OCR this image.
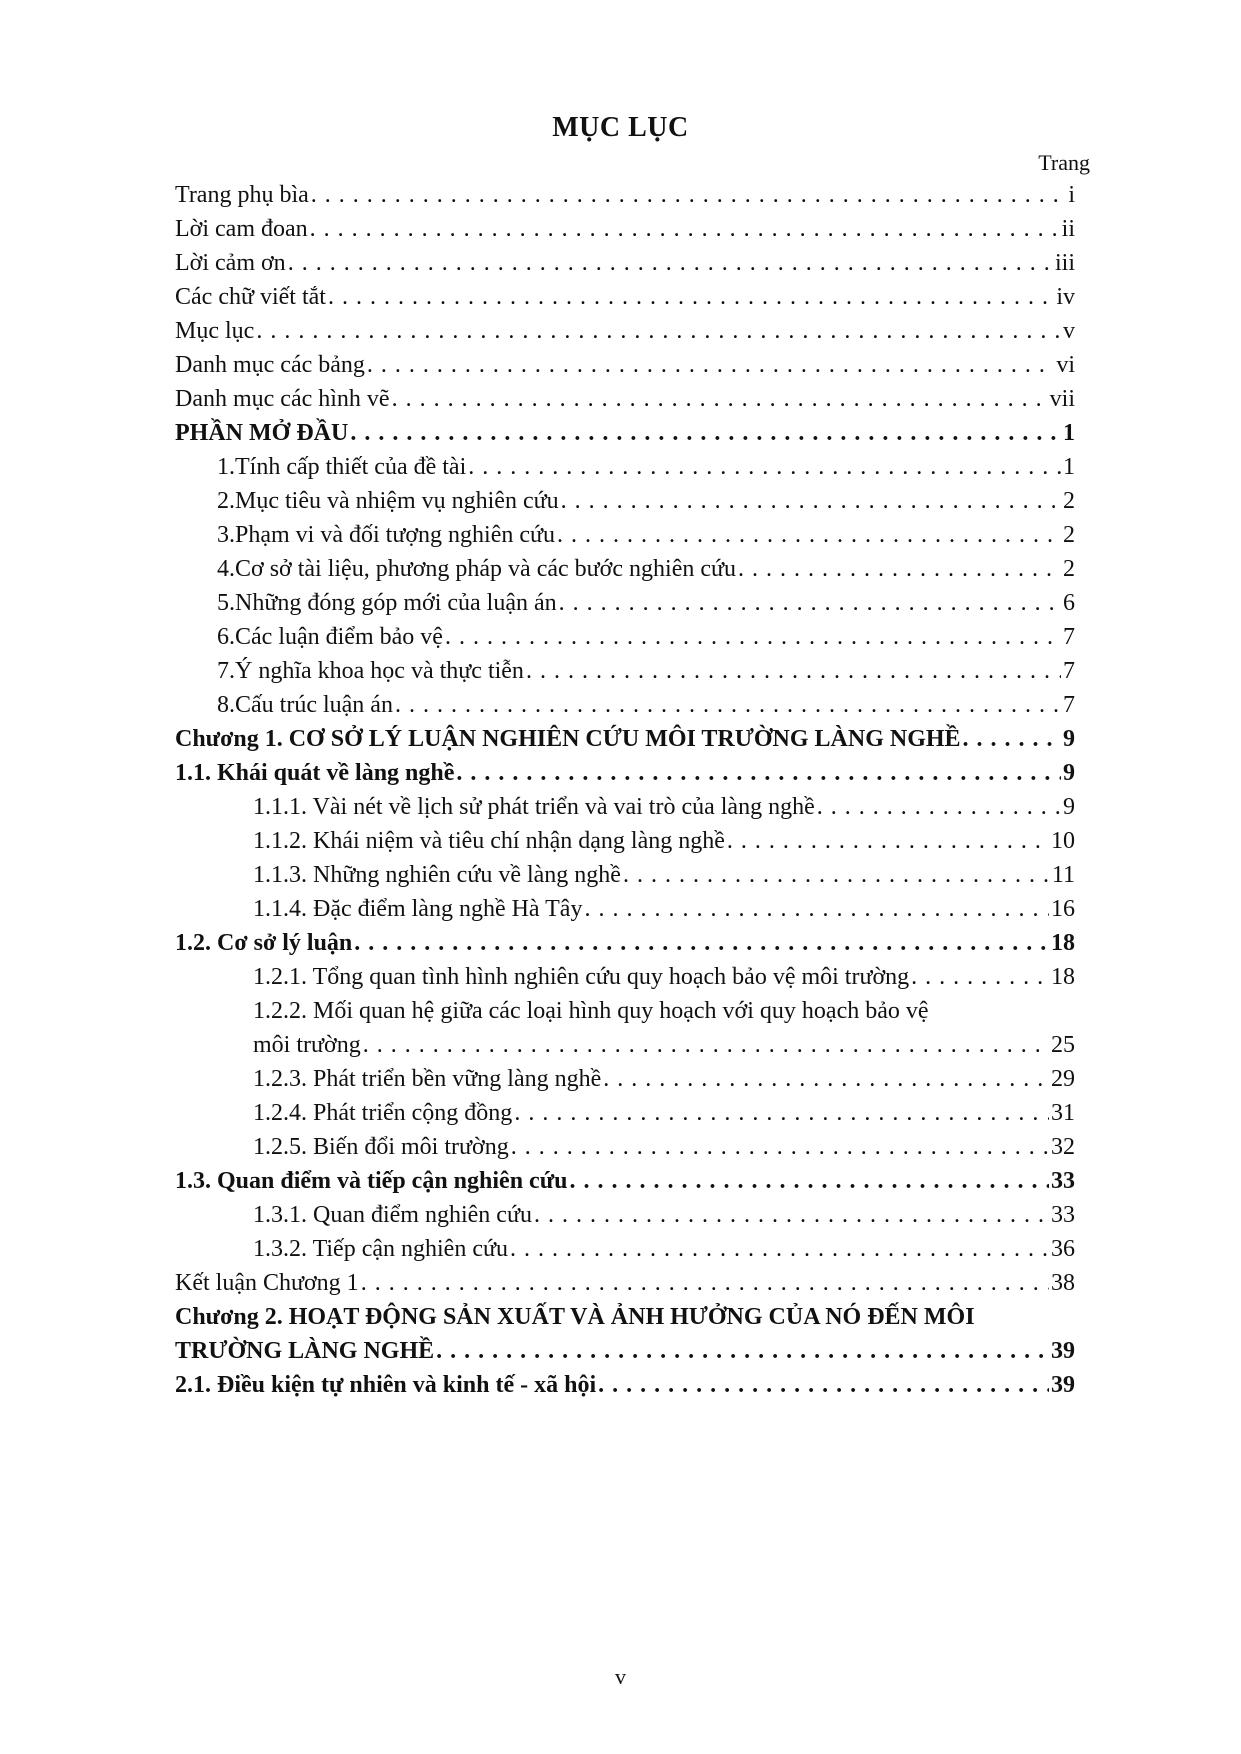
MỤC LỤC
Trang
Trang phụ bìa . . .	i
Lời cam đoan . . .	ii
Lời cảm ơn . . .	iii
Các chữ viết tắt . . .	iv
Mục lục . . .	v
Danh mục các bảng . . .	vi
Danh mục các hình vẽ . . .	vii
PHẦN MỞ ĐẦU . . .	1
1. Tính cấp thiết của đề tài . . .	1
2. Mục tiêu và nhiệm vụ nghiên cứu . . .	2
3. Phạm vi và đối tượng nghiên cứu . . .	2
4. Cơ sở tài liệu, phương pháp và các bước nghiên cứu . . .	2
5. Những đóng góp mới của luận án . . .	6
6. Các luận điểm bảo vệ . . .	7
7. Ý nghĩa khoa học và thực tiễn . . .	7
8. Cấu trúc luận án . . .	7
Chương 1. CƠ SỞ LÝ LUẬN NGHIÊN CỨU MÔI TRƯỜNG LÀNG NGHỀ . . .	9
1.1. Khái quát về làng nghề . . .	9
1.1.1. Vài nét về lịch sử phát triển và vai trò của làng nghề . . .	9
1.1.2. Khái niệm và tiêu chí nhận dạng làng nghề . . .	10
1.1.3. Những nghiên cứu về làng nghề . . .	11
1.1.4. Đặc điểm làng nghề Hà Tây . . .	16
1.2. Cơ sở lý luận . . .	18
1.2.1. Tổng quan tình hình nghiên cứu quy hoạch bảo vệ môi trường . . .	18
1.2.2. Mối quan hệ giữa các loại hình quy hoạch với quy hoạch bảo vệ
môi trường . . .	25
1.2.3. Phát triển bền vững làng nghề . . .	29
1.2.4. Phát triển cộng đồng . . .	31
1.2.5. Biến đổi môi trường . . .	32
1.3. Quan điểm và tiếp cận nghiên cứu . . .	33
1.3.1. Quan điểm nghiên cứu . . .	33
1.3.2. Tiếp cận nghiên cứu . . .	36
Kết luận Chương 1 . . .	38
Chương 2. HOẠT ĐỘNG SẢN XUẤT VÀ ẢNH HƯỞNG CỦA NÓ ĐẾN MÔI
TRƯỜNG LÀNG NGHỀ . . .	39
2.1. Điều kiện tự nhiên và kinh tế - xã hội . . .	39
v
